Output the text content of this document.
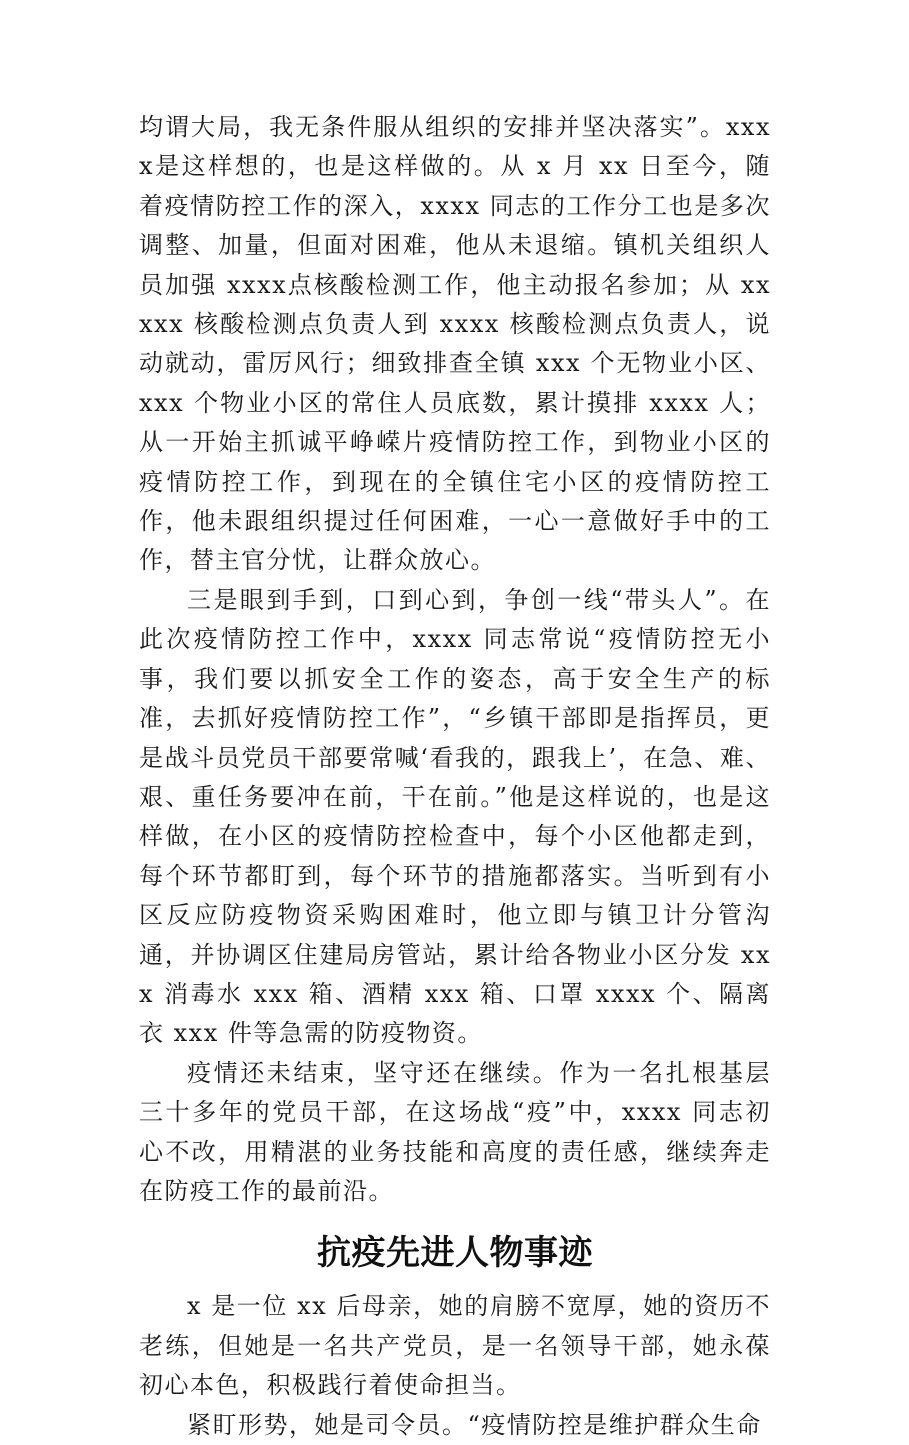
均谓大局，我无条件服从组织的安排并坚决落实”。xxxx是这样想的，也是这样做的。从 x 月 xx 日至今，随着疫情防控工作的深入，xxxx 同志的工作分工也是多次调整、加量，但面对困难，他从未退缩。镇机关组织人员加强 xxxx点核酸检测工作，他主动报名参加；从 xxxxx 核酸检测点负责人到 xxxx 核酸检测点负责人，说动就动，雷厉风行；细致排查全镇 xxx 个无物业小区、xxx 个物业小区的常住人员底数，累计摸排 xxxx 人；从一开始主抓诚平峥嵘片疫情防控工作，到物业小区的疫情防控工作，到现在的全镇住宅小区的疫情防控工作，他未跟组织提过任何困难，一心一意做好手中的工作，替主官分忧，让群众放心。

三是眼到手到，口到心到，争创一线“带头人”。在此次疫情防控工作中，xxxx 同志常说“疫情防控无小事，我们要以抓安全工作的姿态，高于安全生产的标准，去抓好疫情防控工作”，“乡镇干部即是指挥员，更是战斗员党员干部要常喊‘看我的，跟我上’，在急、难、艰、重任务要冲在前，干在前。”他是这样说的，也是这样做，在小区的疫情防控检查中，每个小区他都走到，每个环节都盯到，每个环节的措施都落实。当听到有小区反应防疫物资采购困难时，他立即与镇卫计分管沟通，并协调区住建局房管站，累计给各物业小区分发 xxx 消毒水 xxx 箱、酒精 xxx 箱、口罩 xxxx 个、隔离衣 xxx 件等急需的防疫物资。

疫情还未结束，坚守还在继续。作为一名扎根基层三十多年的党员干部，在这场战“疫”中，xxxx 同志初心不改，用精湛的业务技能和高度的责任感，继续奔走在防疫工作的最前沿。

抗疫先进人物事迹

x 是一位 xx 后母亲，她的肩膀不宽厚，她的资历不老练，但她是一名共产党员，是一名领导干部，她永葆初心本色，积极践行着使命担当。

紧盯形势，她是司令员。“疫情防控是维护群众生命
